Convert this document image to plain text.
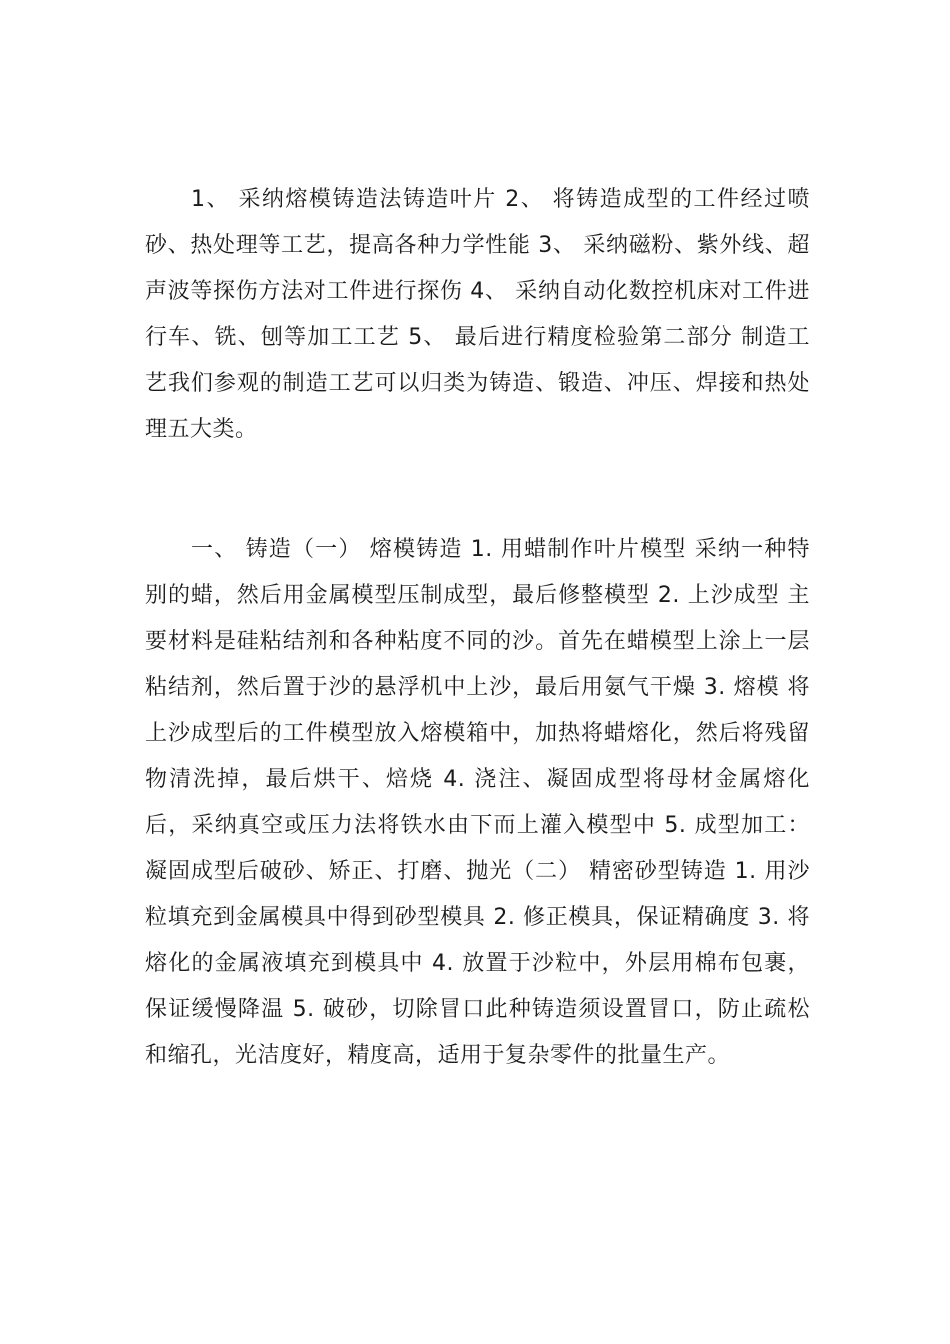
1、 采纳熔模铸造法铸造叶片 2、 将铸造成型的工件经过喷砂、热处理等工艺，提高各种力学性能 3、 采纳磁粉、紫外线、超声波等探伤方法对工件进行探伤 4、 采纳自动化数控机床对工件进行车、铣、刨等加工工艺 5、 最后进行精度检验第二部分 制造工艺我们参观的制造工艺可以归类为铸造、锻造、冲压、焊接和热处理五大类。

一、 铸造（一） 熔模铸造 1. 用蜡制作叶片模型 采纳一种特别的蜡，然后用金属模型压制成型，最后修整模型 2. 上沙成型 主要材料是硅粘结剂和各种粘度不同的沙。首先在蜡模型上涂上一层粘结剂，然后置于沙的悬浮机中上沙，最后用氨气干燥 3. 熔模 将上沙成型后的工件模型放入熔模箱中，加热将蜡熔化，然后将残留物清洗掉，最后烘干、焙烧 4. 浇注、凝固成型将母材金属熔化后，采纳真空或压力法将铁水由下而上灌入模型中 5. 成型加工：凝固成型后破砂、矫正、打磨、抛光（二） 精密砂型铸造 1. 用沙粒填充到金属模具中得到砂型模具 2. 修正模具，保证精确度 3. 将熔化的金属液填充到模具中 4. 放置于沙粒中，外层用棉布包裹，保证缓慢降温 5. 破砂，切除冒口此种铸造须设置冒口，防止疏松和缩孔，光洁度好，精度高，适用于复杂零件的批量生产。
